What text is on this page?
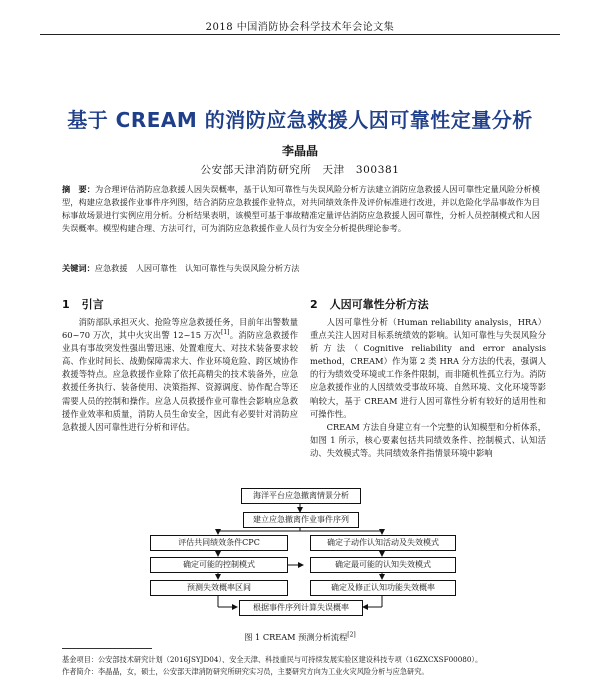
2018 中国消防协会科学技术年会论文集
基于 CREAM 的消防应急救援人因可靠性定量分析
李晶晶
公安部天津消防研究所　天津　300381
摘　要：为合理评估消防应急救援人因失误概率，基于认知可靠性与失误风险分析方法建立消防应急救援人因可靠性定量风险分析模型，构建应急救援作业事件序列图，结合消防应急救援作业特点，对共同绩效条件及评价标准进行改进，并以危险化学品事故作为目标事故场景进行实例应用分析。分析结果表明，该模型可基于事故精准定量评估消防应急救援人因可靠性，分析人员控制模式和人因失误概率。模型构建合理、方法可行，可为消防应急救援作业人员行为安全分析提供理论参考。
关键词：应急救援　人因可靠性　认知可靠性与失误风险分析方法
1 引言

消防部队承担灭火、抢险等应急救援任务，目前年出警数量 60~70 万次，其中火灾出警 12~15 万次[1]。消防应急救援作业具有事故突发性强出警迅速、处置难度大、对技术装备要求较高、作业时间长、战勤保障需求大、作业环境危险、跨区域协作救援等特点。应急救援作业除了依托高精尖的技术装备外，应急救援任务执行、装备使用、决策指挥、资源调度、协作配合等还需要人员的控制和操作。应急人员救援作业可靠性会影响应急救援作业效率和质量，消防人员生命安全，因此有必要针对消防应急救援人因可靠性进行分析和评估。

2 人因可靠性分析方法

人因可靠性分析（Human reliability analysis，HRA）重点关注人因对目标系统绩效的影响。认知可靠性与失误风险分析方法（Cognitive reliability and error analysis method，CREAM）作为第 2 类 HRA 分方法的代表，强调人的行为绩效受环境或工作条件限制，而非随机性孤立行为。消防应急救援作业的人因绩效受事故环境、自然环境、文化环境等影响较大，基于 CREAM 进行人因可靠性分析有较好的适用性和可操作性。

CREAM 方法自身建立有一个完整的认知模型和分析体系，如图 1 所示，核心要素包括共同绩效条件、控制模式、认知活动、失效模式等。共同绩效条件指情景环境中影响

海洋平台应急撤离情景分析
建立应急撤离作业事件序列
评估共同绩效条件CPC	确定子动作认知活动及失效模式
确定可能的控制模式	确定最可能的认知失效模式
预测失效概率区间	确定及修正认知功能失效概率
根据事件序列计算失误概率
图 1 CREAM 预测分析流程[2]
基金项目：公安部技术研究计划（2016JSYJD04）、安全天津、科技重民与可持续发展实验区建设科技专项（16ZXCXSF00080）。
作者简介：李晶晶，女，硕士，公安部天津消防研究所研究实习员，主要研究方向为工业火灾风险分析与应急研究。
